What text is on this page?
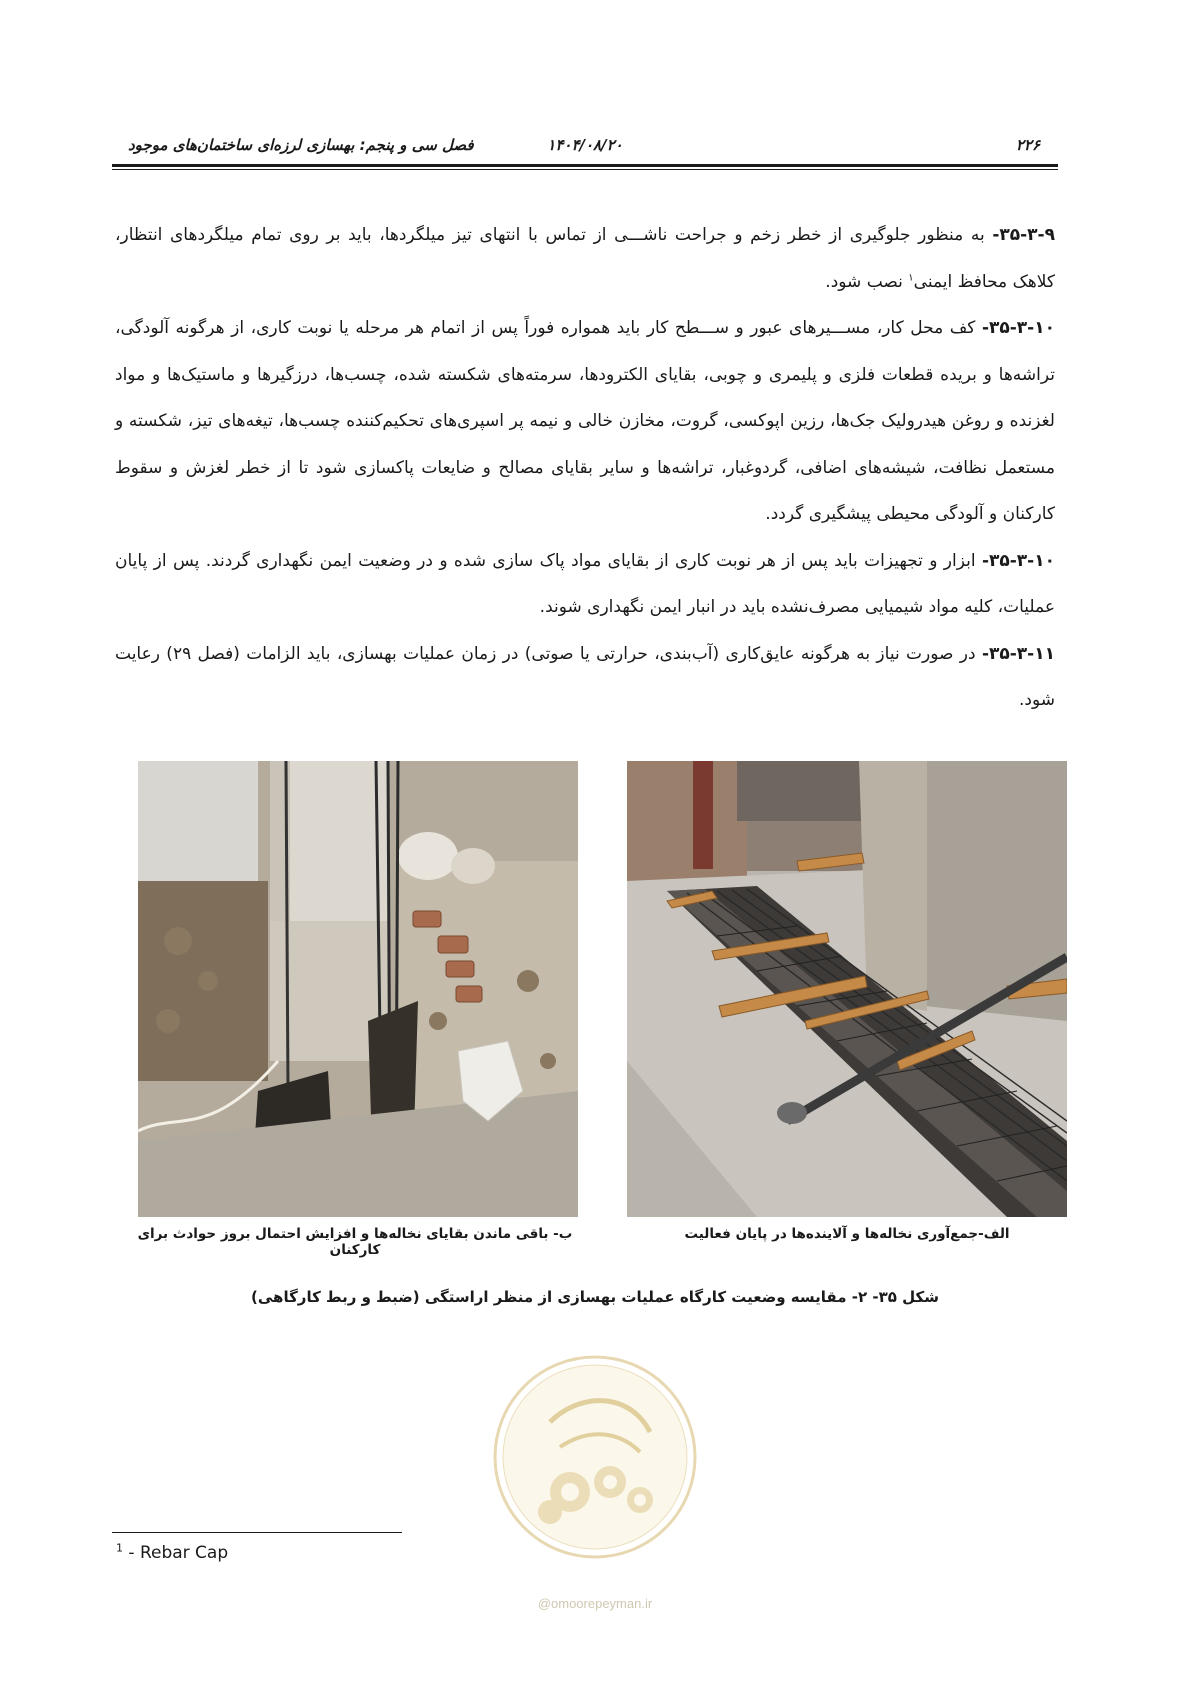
۲۲۶
۱۴۰۴/۰۸/۲۰
فصل سی و پنجم: بهسازی لرزه‌ای ساختمان‌های موجود

۳۵-۳-۹- به منظور جلوگیری از خطر زخم و جراحت ناشـــی از تماس با انتهای تیز میلگردها، باید بر روی تمام میلگردهای انتظار، کلاهک محافظ ایمنی$^۱$ نصب شود.

۳۵-۳-۱۰- کف محل کار، مســـیرهای عبور و ســـطح کار باید همواره فوراً پس از اتمام هر مرحله یا نوبت کاری، از هرگونه آلودگی، تراشه‌ها و بریده قطعات فلزی و پلیمری و چوبی، بقایای الکترودها، سرمته‌های شکسته شده، چسب‌ها، درزگیرها و ماستیک‌ها و مواد لغزنده و روغن هیدرولیک جک‌ها، رزین اپوکسی، گروت، مخازن خالی و نیمه پر اسپری‌های تحکیم‌کننده چسب‌ها، تیغه‌های تیز، شکسته و مستعمل نظافت، شیشه‌های اضافی، گردوغبار، تراشه‌ها و سایر بقایای مصالح و ضایعات پاکسازی شود تا از خطر لغزش و سقوط کارکنان و آلودگی محیطی پیشگیری گردد.

۳۵-۳-۱۰- ابزار و تجهیزات باید پس از هر نوبت کاری از بقایای مواد پاک سازی شده و در وضعیت ایمن نگهداری گردند. پس از پایان عملیات، کلیه مواد شیمیایی مصرف‌نشده باید در انبار ایمن نگهداری شوند.

۳۵-۳-۱۱- در صورت نیاز به هرگونه عایق‌کاری (آب‌بندی، حرارتی یا صوتی) در زمان عملیات بهسازی، باید الزامات (فصل ۲۹) رعایت شود.

الف-جمع‌آوری نخاله‌ها و آلاینده‌ها در پایان فعالیت
ب- باقی ماندن بقایای نخاله‌ها و افزایش احتمال بروز حوادث برای کارکنان
شکل ۳۵- ۲- مقایسه وضعیت کارگاه عملیات بهسازی از منظر اراستگی (ضبط و ربط کارگاهی)
@omoorepeyman.ir
$^1$ - Rebar Cap
